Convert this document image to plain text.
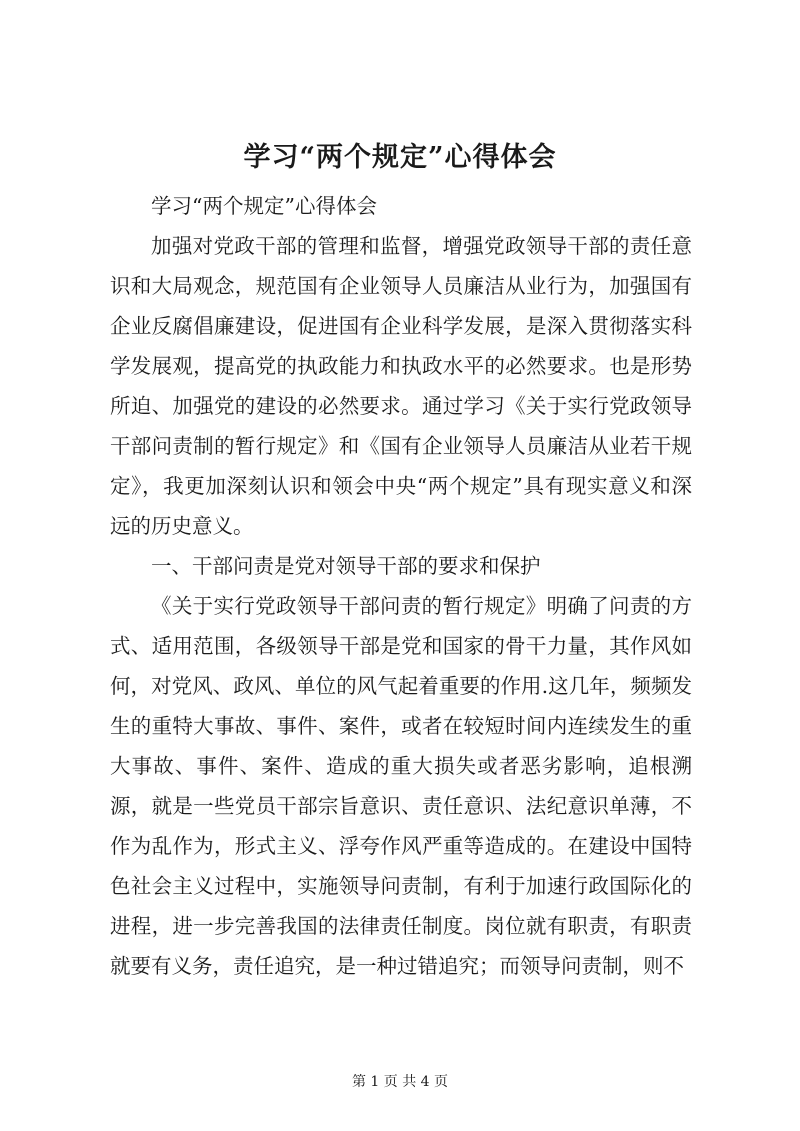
学习“两个规定”心得体会

学习“两个规定”心得体会

加强对党政干部的管理和监督，增强党政领导干部的责任意识和大局观念，规范国有企业领导人员廉洁从业行为，加强国有企业反腐倡廉建设，促进国有企业科学发展，是深入贯彻落实科学发展观，提高党的执政能力和执政水平的必然要求。也是形势所迫、加强党的建设的必然要求。通过学习《关于实行党政领导干部问责制的暂行规定》和《国有企业领导人员廉洁从业若干规定》，我更加深刻认识和领会中央“两个规定”具有现实意义和深远的历史意义。

一、干部问责是党对领导干部的要求和保护

《关于实行党政领导干部问责的暂行规定》明确了问责的方式、适用范围，各级领导干部是党和国家的骨干力量，其作风如何，对党风、政风、单位的风气起着重要的作用.这几年，频频发生的重特大事故、事件、案件，或者在较短时间内连续发生的重大事故、事件、案件、造成的重大损失或者恶劣影响，追根溯源，就是一些党员干部宗旨意识、责任意识、法纪意识单薄，不作为乱作为，形式主义、浮夸作风严重等造成的。在建设中国特色社会主义过程中，实施领导问责制，有利于加速行政国际化的进程，进一步完善我国的法律责任制度。岗位就有职责，有职责就要有义务，责任追究，是一种过错追究；而领导问责制，则不

第 1 页 共 4 页
